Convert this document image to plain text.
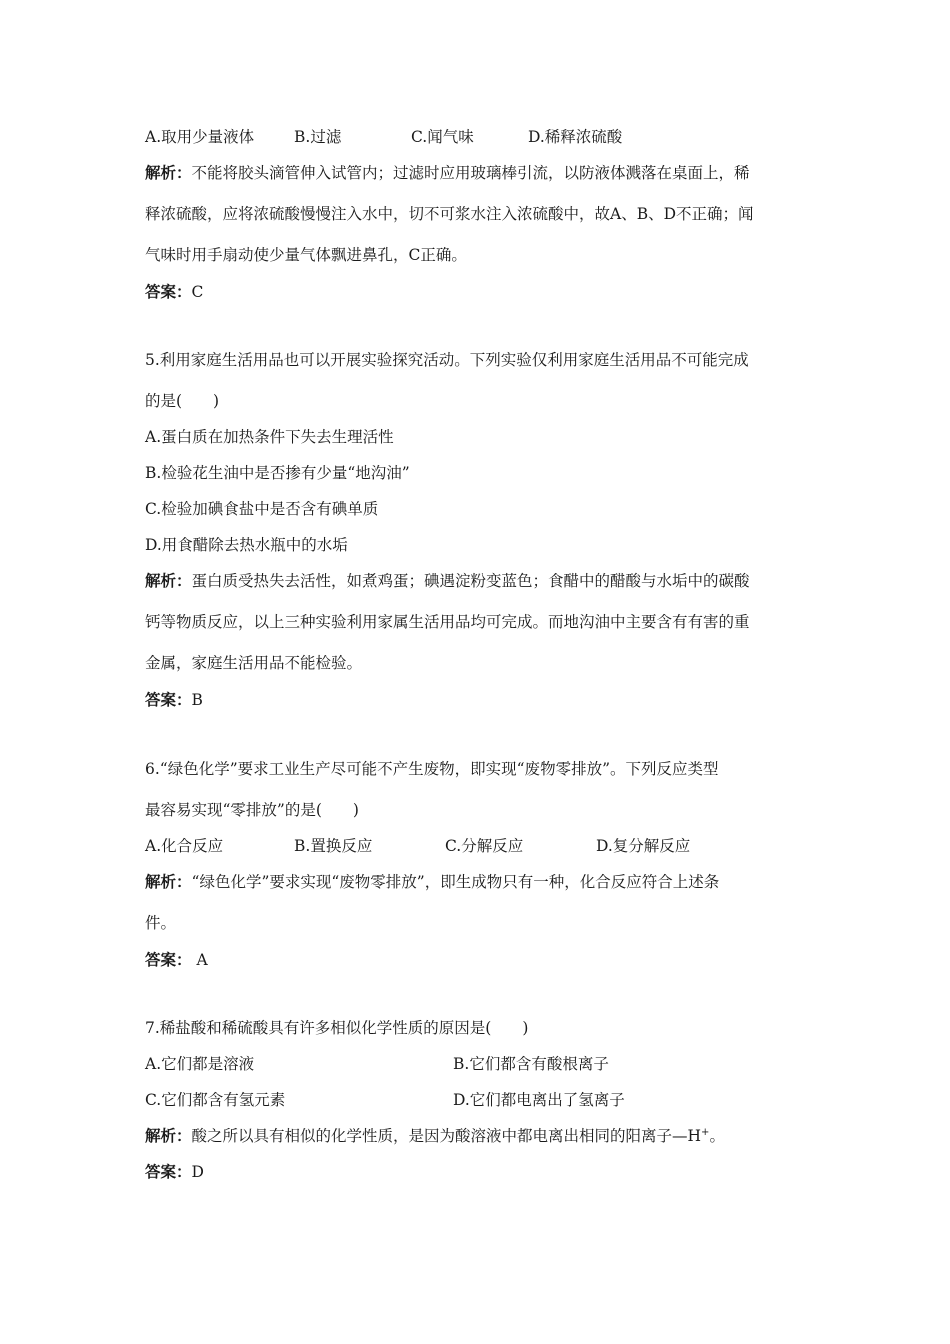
A.取用少量液体	B.过滤	C.闻气味	D.稀释浓硫酸
解析：不能将胶头滴管伸入试管内；过滤时应用玻璃棒引流，以防液体溅落在桌面上，稀
释浓硫酸，应将浓硫酸慢慢注入水中，切不可浆水注入浓硫酸中，故A、B、D不正确；闻
气味时用手扇动使少量气体飘进鼻孔，C正确。
答案：C
5.利用家庭生活用品也可以开展实验探究活动。下列实验仅利用家庭生活用品不可能完成
的是(　　)
A.蛋白质在加热条件下失去生理活性
B.检验花生油中是否掺有少量“地沟油”
C.检验加碘食盐中是否含有碘单质
D.用食醋除去热水瓶中的水垢
解析：蛋白质受热失去活性，如煮鸡蛋；碘遇淀粉变蓝色；食醋中的醋酸与水垢中的碳酸
钙等物质反应，以上三种实验利用家属生活用品均可完成。而地沟油中主要含有有害的重
金属，家庭生活用品不能检验。
答案：B
6.“绿色化学”要求工业生产尽可能不产生废物，即实现“废物零排放”。下列反应类型
最容易实现“零排放”的是(　　)
A.化合反应	B.置换反应	C.分解反应	D.复分解反应
解析：“绿色化学”要求实现“废物零排放”，即生成物只有一种，化合反应符合上述条
件。
答案： A
7.稀盐酸和稀硫酸具有许多相似化学性质的原因是(　　)
A.它们都是溶液	B.它们都含有酸根离子
C.它们都含有氢元素	D.它们都电离出了氢离子
解析：酸之所以具有相似的化学性质，是因为酸溶液中都电离出相同的阳离子—H+。
答案：D
